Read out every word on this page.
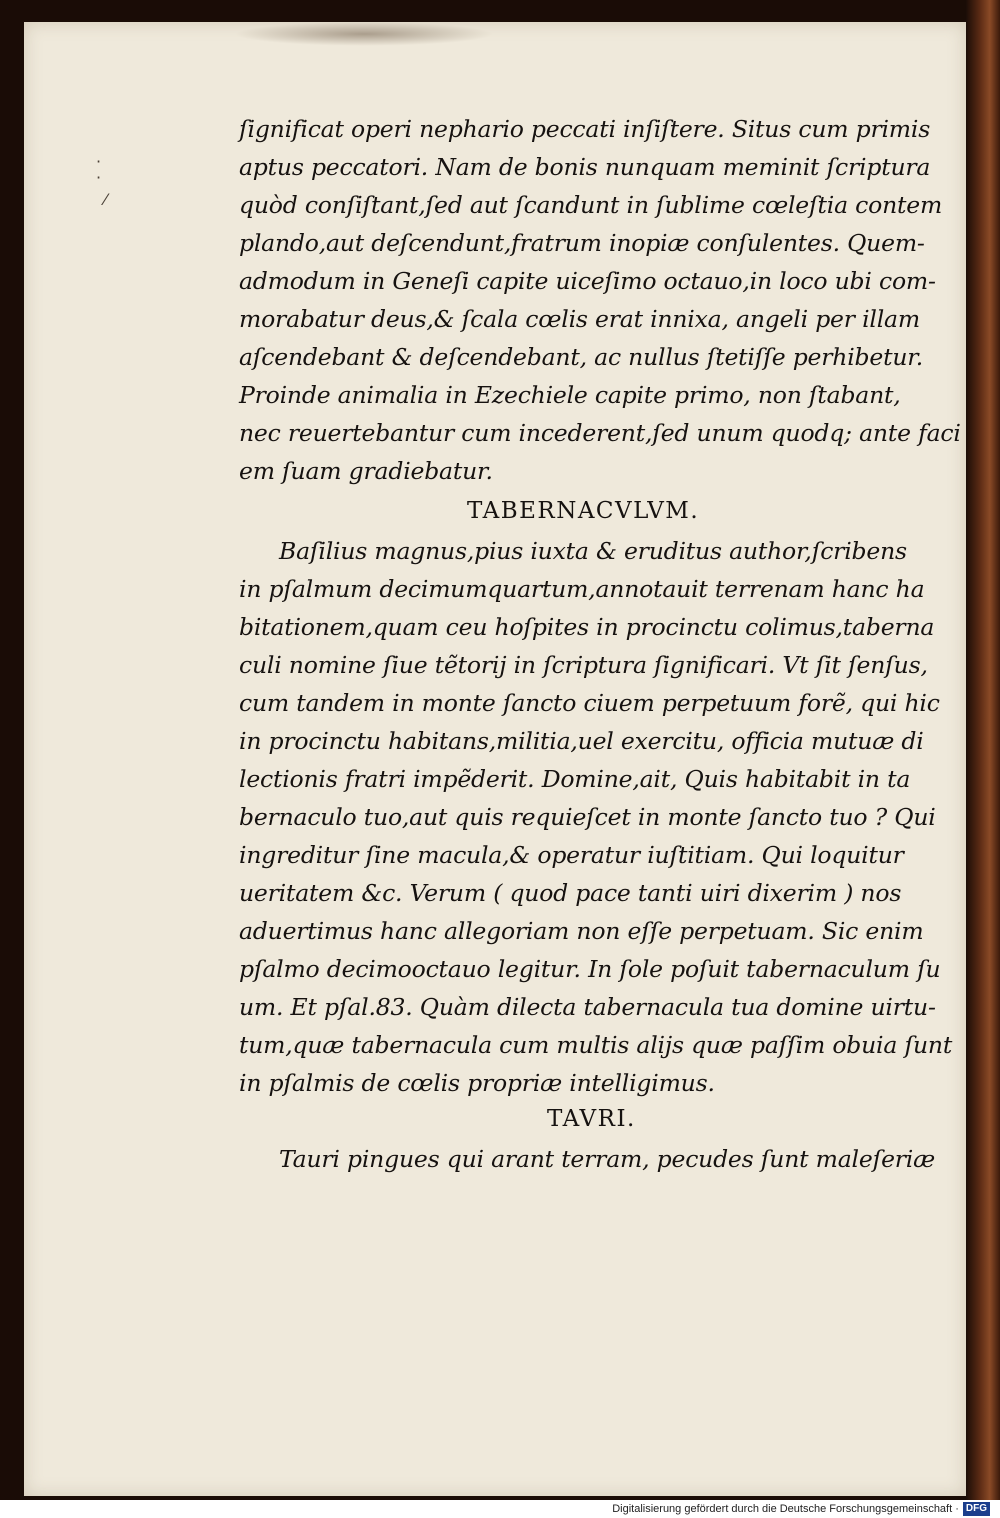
·
·
⁄
ſignificat operi nephario peccati inſiſtere. Situs cum primis
aptus peccatori. Nam de bonis nunquam meminit ſcriptura
quòd conſiſtant,ſed aut ſcandunt in ſublime cœleſtia contem
plando,aut deſcendunt,fratrum inopiæ conſulentes. Quem-
admodum in Geneſi capite uiceſimo octauo,in loco ubi com-
morabatur deus,& ſcala cœlis erat innixa, angeli per illam
aſcendebant & deſcendebant, ac nullus ſtetiſſe perhibetur.
Proinde animalia in Ezechiele capite primo, non ſtabant,
nec reuertebantur cum incederent,ſed unum quodq; ante faci
em ſuam gradiebatur.
TABERNACVLVM.
Baſilius magnus,pius iuxta & eruditus author,ſcribens
in pſalmum decimumquartum,annotauit terrenam hanc ha
bitationem,quam ceu hoſpites in procinctu colimus,taberna
culi nomine ſiue tẽtorij in ſcriptura ſignificari. Vt ſit ſenſus,
cum tandem in monte ſancto ciuem perpetuum forẽ, qui hic
in procinctu habitans,militia,uel exercitu, officia mutuæ di
lectionis fratri impẽderit. Domine,ait, Quis habitabit in ta
bernaculo tuo,aut quis requieſcet in monte ſancto tuo ? Qui
ingreditur ſine macula,& operatur iuſtitiam. Qui loquitur
ueritatem &c. Verum ( quod pace tanti uiri dixerim ) nos
aduertimus hanc allegoriam non eſſe perpetuam. Sic enim
pſalmo decimooctauo legitur. In ſole poſuit tabernaculum ſu
um. Et pſal.83. Quàm dilecta tabernacula tua domine uirtu-
tum,quæ tabernacula cum multis alijs quæ paſſim obuia ſunt
in pſalmis de cœlis propriæ intelligimus.
TAVRI.
Tauri pingues qui arant terram, pecudes ſunt maleſeriæ
Digitalisierung gefördert durch die Deutsche Forschungsgemeinschaft · DFG
